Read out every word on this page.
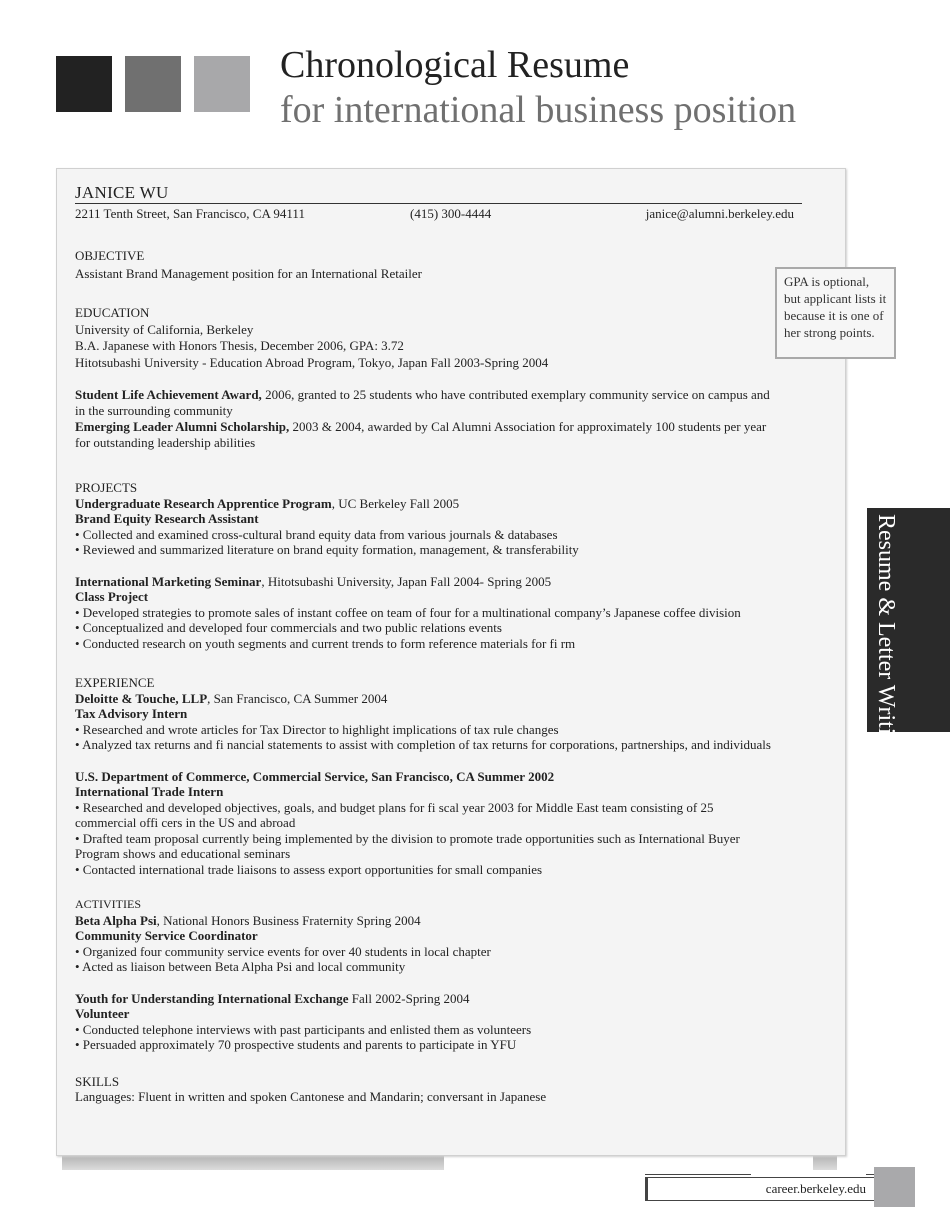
Chronological Resume
for international business position
JANICE WU
2211 Tenth Street, San Francisco, CA 94111	(415) 300-4444	janice@alumni.berkeley.edu
OBJECTIVE
Assistant Brand Management position for an International Retailer
EDUCATION
University of California, Berkeley
B.A. Japanese with Honors Thesis, December 2006, GPA: 3.72
Hitotsubashi University - Education Abroad Program, Tokyo, Japan Fall 2003-Spring 2004
Student Life Achievement Award, 2006, granted to 25 students who have contributed exemplary community service on campus and in the surrounding community
Emerging Leader Alumni Scholarship, 2003 & 2004, awarded by Cal Alumni Association for approximately 100 students per year for outstanding leadership abilities
PROJECTS
Undergraduate Research Apprentice Program, UC Berkeley Fall 2005
Brand Equity Research Assistant
• Collected and examined cross-cultural brand equity data from various journals & databases
• Reviewed and summarized literature on brand equity formation, management, & transferability
International Marketing Seminar, Hitotsubashi University, Japan Fall 2004- Spring 2005
Class Project
• Developed strategies to promote sales of instant coffee on team of four for a multinational company’s Japanese coffee division
• Conceptualized and developed four commercials and two public relations events
• Conducted research on youth segments and current trends to form reference materials for fi rm
EXPERIENCE
Deloitte & Touche, LLP, San Francisco, CA Summer 2004
Tax Advisory Intern
• Researched and wrote articles for Tax Director to highlight implications of tax rule changes
• Analyzed tax returns and fi nancial statements to assist with completion of tax returns for corporations, partnerships, and individuals
U.S. Department of Commerce, Commercial Service, San Francisco, CA Summer 2002
International Trade Intern
• Researched and developed objectives, goals, and budget plans for fi scal year 2003 for Middle East team consisting of 25 commercial offi cers in the US and abroad
• Drafted team proposal currently being implemented by the division to promote trade opportunities such as International Buyer Program shows and educational seminars
• Contacted international trade liaisons to assess export opportunities for small companies
ACTIVITIES
Beta Alpha Psi, National Honors Business Fraternity Spring 2004
Community Service Coordinator
• Organized four community service events for over 40 students in local chapter
• Acted as liaison between Beta Alpha Psi and local community
Youth for Understanding International Exchange Fall 2002-Spring 2004
Volunteer
• Conducted telephone interviews with past participants and enlisted them as volunteers
• Persuaded approximately 70 prospective students and parents to participate in YFU
SKILLS
Languages: Fluent in written and spoken Cantonese and Mandarin; conversant in Japanese
GPA is optional, but applicant lists it because it is one of her strong points.
Resume & Letter Writing
career.berkeley.edu
